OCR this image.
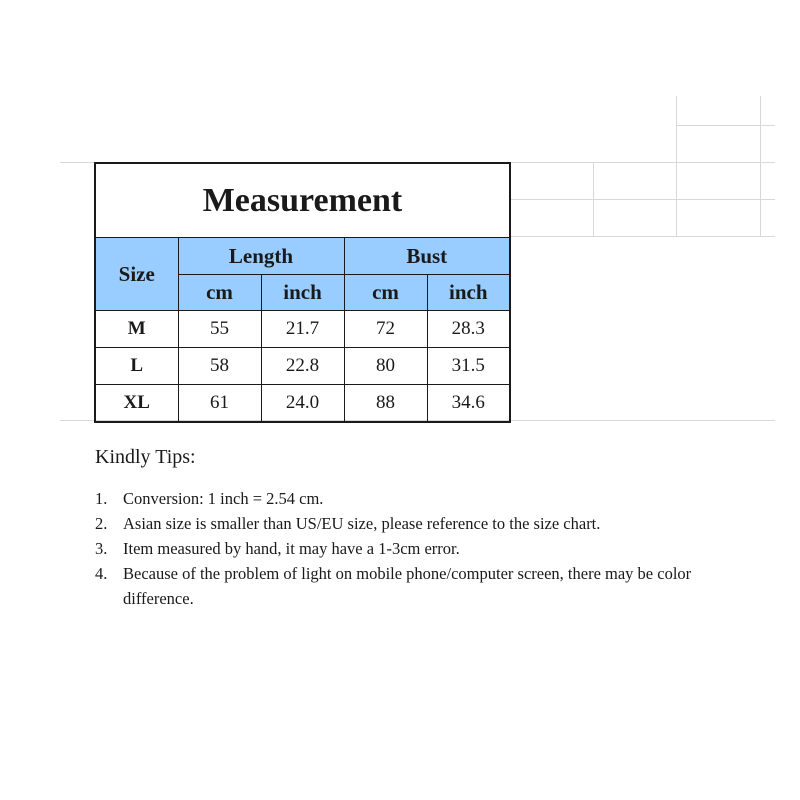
Measurement				
Size	Length		Bust	
	cm	inch	cm	inch
M	55	21.7	72	28.3
L	58	22.8	80	31.5
XL	61	24.0	88	34.6
Kindly Tips:
1. Conversion: 1 inch = 2.54 cm.
2. Asian size is smaller than US/EU size, please reference to the size chart.
3. Item measured by hand, it may have a 1-3cm error.
4. Because of the problem of light on mobile phone/computer screen, there may be color difference.
